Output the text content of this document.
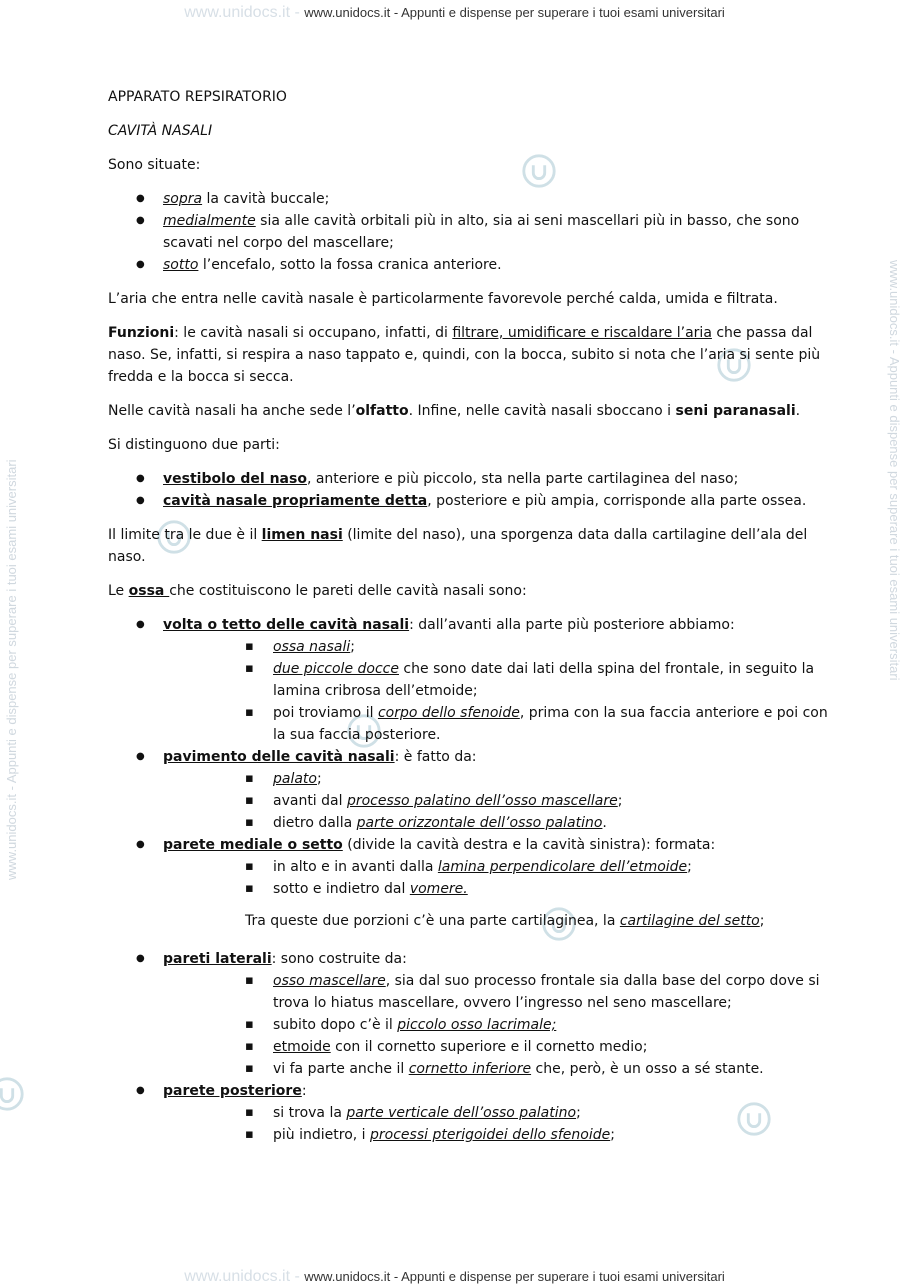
www.unidocs.it - www.unidocs.it - Appunti e dispense per superare i tuoi esami universitari
www.unidocs.it - Appunti e dispense per superare i tuoi esami universitari	www.unidocs.it - Appunti e dispense per superare i tuoi esami universitari

APPARATO REPSIRATORIO

CAVITÀ NASALI

Sono situate:

● sopra la cavità buccale;
● medialmente sia alle cavità orbitali più in alto, sia ai seni mascellari più in basso, che sono scavati nel corpo del mascellare;
● sotto l’encefalo, sotto la fossa cranica anteriore.

L’aria che entra nelle cavità nasale è particolarmente favorevole perché calda, umida e filtrata.

Funzioni: le cavità nasali si occupano, infatti, di filtrare, umidificare e riscaldare l’aria che passa dal naso. Se, infatti, si respira a naso tappato e, quindi, con la bocca, subito si nota che l’aria si sente più fredda e la bocca si secca.

Nelle cavità nasali ha anche sede l’olfatto. Infine, nelle cavità nasali sboccano i seni paranasali.

Si distinguono due parti:

● vestibolo del naso, anteriore e più piccolo, sta nella parte cartilaginea del naso;
● cavità nasale propriamente detta, posteriore e più ampia, corrisponde alla parte ossea.

Il limite tra le due è il limen nasi (limite del naso), una sporgenza data dalla cartilagine dell’ala del naso.

Le ossa che costituiscono le pareti delle cavità nasali sono:

● volta o tetto delle cavità nasali: dall’avanti alla parte più posteriore abbiamo:
▪ ossa nasali;
▪ due piccole docce che sono date dai lati della spina del frontale, in seguito la lamina cribrosa dell’etmoide;
▪ poi troviamo il corpo dello sfenoide, prima con la sua faccia anteriore e poi con la sua faccia posteriore.
● pavimento delle cavità nasali: è fatto da:
▪ palato;
▪ avanti dal processo palatino dell’osso mascellare;
▪ dietro dalla parte orizzontale dell’osso palatino.
● parete mediale o setto (divide la cavità destra e la cavità sinistra): formata:
▪ in alto e in avanti dalla lamina perpendicolare dell’etmoide;
▪ sotto e indietro dal vomere.
Tra queste due porzioni c’è una parte cartilaginea, la cartilagine del setto;
● pareti laterali: sono costruite da:
▪ osso mascellare, sia dal suo processo frontale sia dalla base del corpo dove si trova lo hiatus mascellare, ovvero l’ingresso nel seno mascellare;
▪ subito dopo c’è il piccolo osso lacrimale;
▪ etmoide con il cornetto superiore e il cornetto medio;
▪ vi fa parte anche il cornetto inferiore che, però, è un osso a sé stante.
● parete posteriore:
▪ si trova la parte verticale dell’osso palatino;
▪ più indietro, i processi pterigoidei dello sfenoide;
www.unidocs.it - www.unidocs.it - Appunti e dispense per superare i tuoi esami universitari
